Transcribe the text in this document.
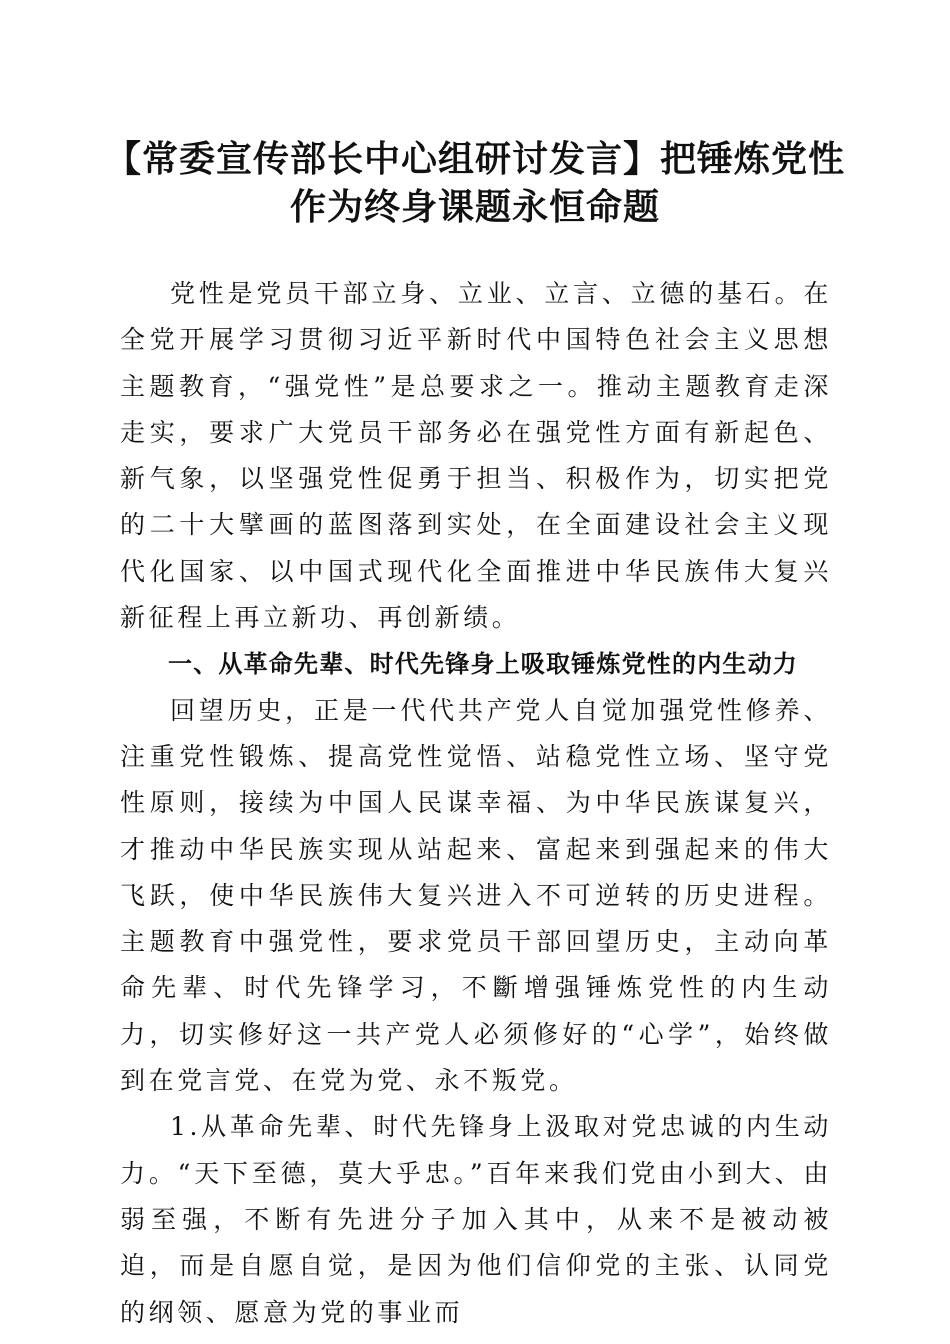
【常委宣传部长中心组研讨发言】把锤炼党性
作为终身课题永恒命题

党性是党员干部立身、立业、立言、立德的基石。在全党开展学习贯彻习近平新时代中国特色社会主义思想主题教育，“强党性”是总要求之一。推动主题教育走深走实，要求广大党员干部务必在强党性方面有新起色、新气象，以坚强党性促勇于担当、积极作为，切实把党的二十大擘画的蓝图落到实处，在全面建设社会主义现代化国家、以中国式现代化全面推进中华民族伟大复兴新征程上再立新功、再创新绩。

一、从革命先辈、时代先锋身上吸取锤炼党性的内生动力

回望历史，正是一代代共产党人自觉加强党性修养、注重党性锻炼、提高党性觉悟、站稳党性立场、坚守党性原则，接续为中国人民谋幸福、为中华民族谋复兴，才推动中华民族实现从站起来、富起来到强起来的伟大飞跃，使中华民族伟大复兴进入不可逆转的历史进程。主题教育中强党性，要求党员干部回望历史，主动向革命先辈、时代先锋学习，不斷增强锤炼党性的内生动力，切实修好这一共产党人必须修好的“心学”，始终做到在党言党、在党为党、永不叛党。

1.从革命先辈、时代先锋身上汲取对党忠诚的内生动力。“天下至德，莫大乎忠。”百年来我们党由小到大、由弱至强，不断有先进分子加入其中，从来不是被动被迫，而是自愿自觉，是因为他们信仰党的主张、认同党的纲领、愿意为党的事业而
